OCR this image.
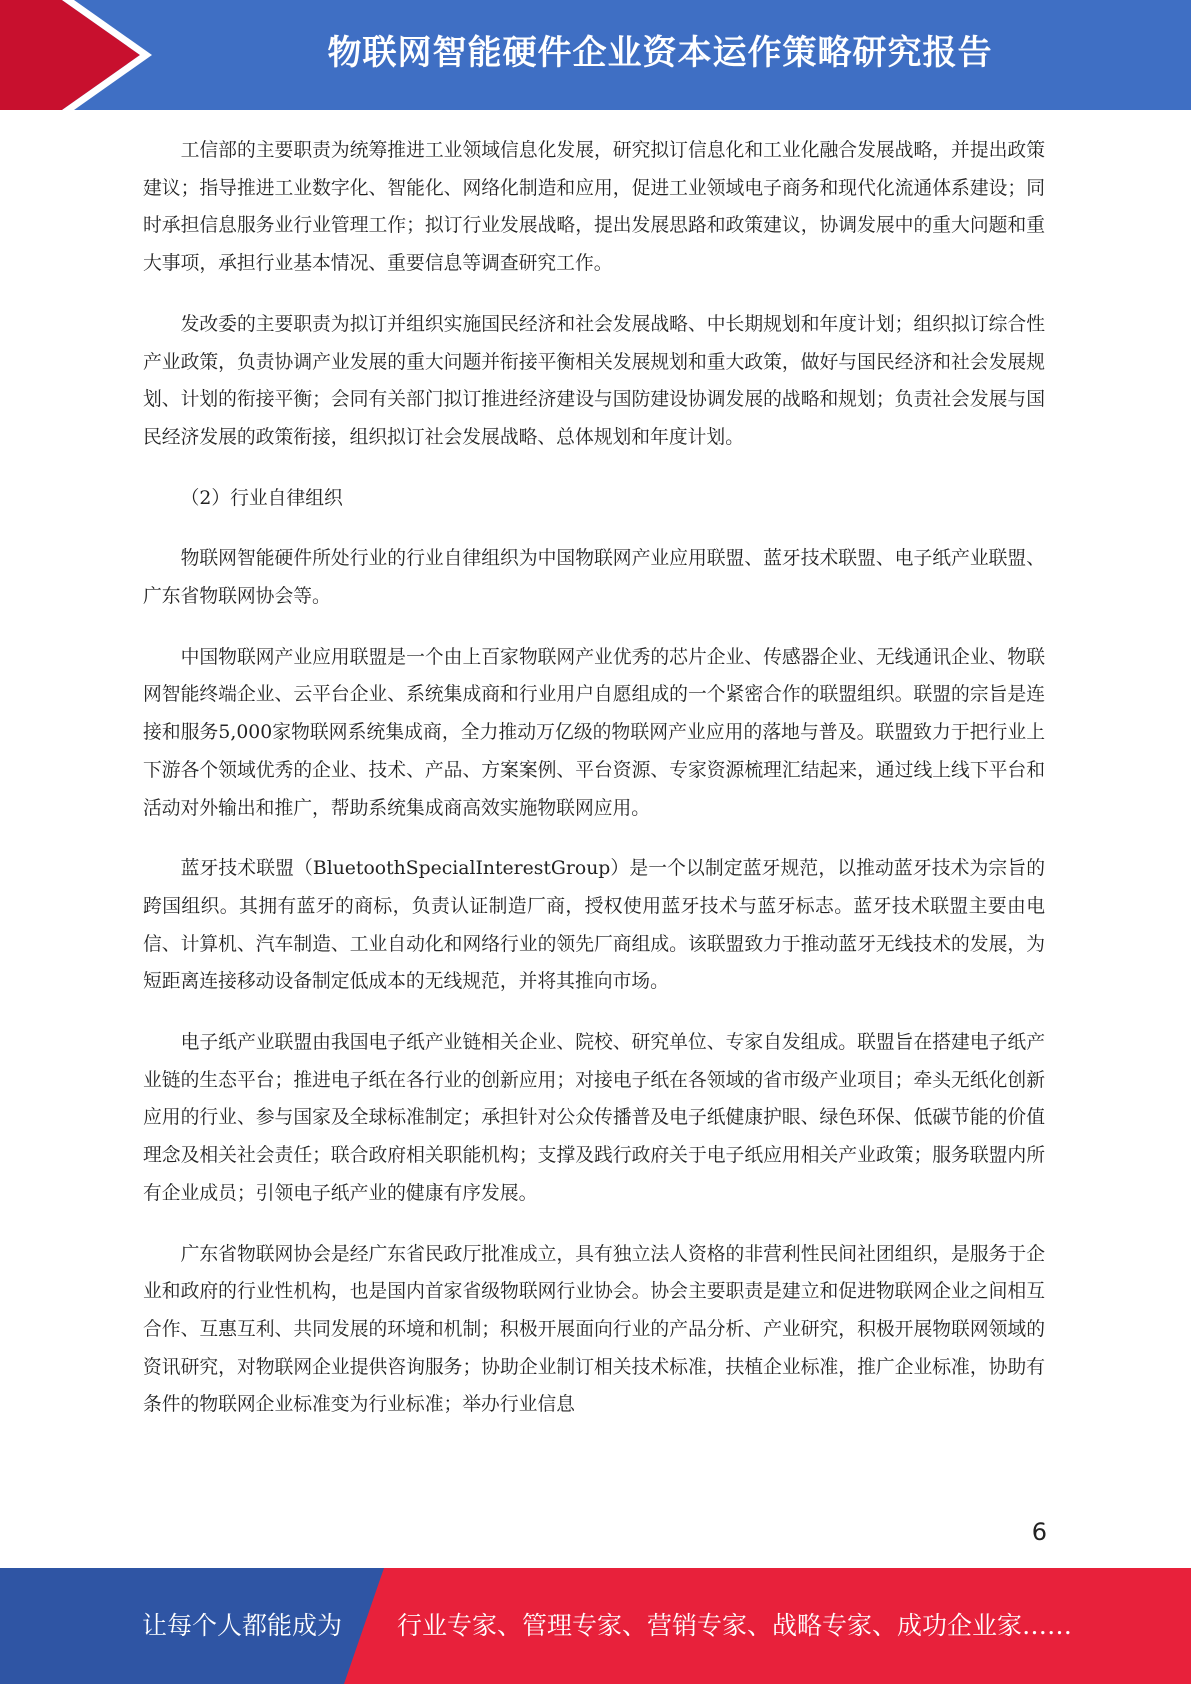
物联网智能硬件企业资本运作策略研究报告

工信部的主要职责为统筹推进工业领域信息化发展，研究拟订信息化和工业化融合发展战略，并提出政策建议；指导推进工业数字化、智能化、网络化制造和应用，促进工业领域电子商务和现代化流通体系建设；同时承担信息服务业行业管理工作；拟订行业发展战略，提出发展思路和政策建议，协调发展中的重大问题和重大事项，承担行业基本情况、重要信息等调查研究工作。

发改委的主要职责为拟订并组织实施国民经济和社会发展战略、中长期规划和年度计划；组织拟订综合性产业政策，负责协调产业发展的重大问题并衔接平衡相关发展规划和重大政策，做好与国民经济和社会发展规划、计划的衔接平衡；会同有关部门拟订推进经济建设与国防建设协调发展的战略和规划；负责社会发展与国民经济发展的政策衔接，组织拟订社会发展战略、总体规划和年度计划。

（2）行业自律组织

物联网智能硬件所处行业的行业自律组织为中国物联网产业应用联盟、蓝牙技术联盟、电子纸产业联盟、广东省物联网协会等。

中国物联网产业应用联盟是一个由上百家物联网产业优秀的芯片企业、传感器企业、无线通讯企业、物联网智能终端企业、云平台企业、系统集成商和行业用户自愿组成的一个紧密合作的联盟组织。联盟的宗旨是连接和服务5,000家物联网系统集成商，全力推动万亿级的物联网产业应用的落地与普及。联盟致力于把行业上下游各个领域优秀的企业、技术、产品、方案案例、平台资源、专家资源梳理汇结起来，通过线上线下平台和活动对外输出和推广，帮助系统集成商高效实施物联网应用。

蓝牙技术联盟（BluetoothSpecialInterestGroup）是一个以制定蓝牙规范，以推动蓝牙技术为宗旨的跨国组织。其拥有蓝牙的商标，负责认证制造厂商，授权使用蓝牙技术与蓝牙标志。蓝牙技术联盟主要由电信、计算机、汽车制造、工业自动化和网络行业的领先厂商组成。该联盟致力于推动蓝牙无线技术的发展，为短距离连接移动设备制定低成本的无线规范，并将其推向市场。

电子纸产业联盟由我国电子纸产业链相关企业、院校、研究单位、专家自发组成。联盟旨在搭建电子纸产业链的生态平台；推进电子纸在各行业的创新应用；对接电子纸在各领域的省市级产业项目；牵头无纸化创新应用的行业、参与国家及全球标准制定；承担针对公众传播普及电子纸健康护眼、绿色环保、低碳节能的价值理念及相关社会责任；联合政府相关职能机构；支撑及践行政府关于电子纸应用相关产业政策；服务联盟内所有企业成员；引领电子纸产业的健康有序发展。

广东省物联网协会是经广东省民政厅批准成立，具有独立法人资格的非营利性民间社团组织，是服务于企业和政府的行业性机构，也是国内首家省级物联网行业协会。协会主要职责是建立和促进物联网企业之间相互合作、互惠互利、共同发展的环境和机制；积极开展面向行业的产品分析、产业研究，积极开展物联网领域的资讯研究，对物联网企业提供咨询服务；协助企业制订相关技术标准，扶植企业标准，推广企业标准，协助有条件的物联网企业标准变为行业标准；举办行业信息

6
让每个人都能成为 行业专家、管理专家、营销专家、战略专家、成功企业家……
